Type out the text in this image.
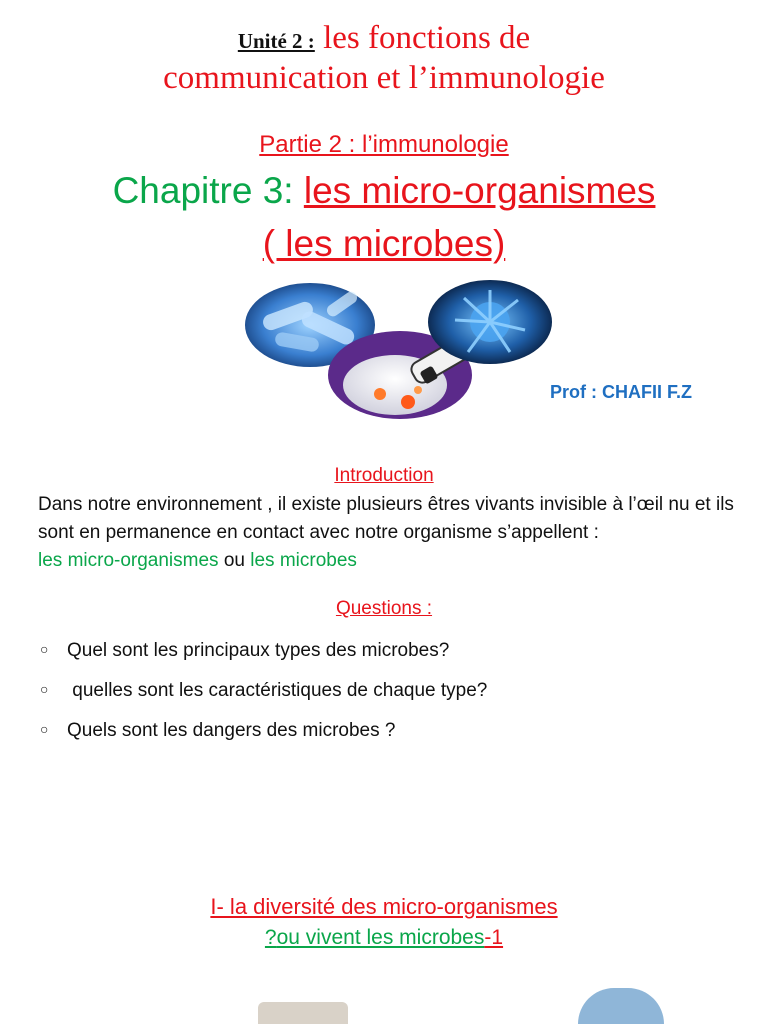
Unité 2 : les fonctions de
communication et l’immunologie
Partie 2 : l’immunologie
Chapitre 3: les micro-organismes
( les microbes)
Prof : CHAFII F.Z
Introduction
Dans notre environnement , il existe plusieurs êtres vivants invisible à l’œil nu et ils sont en permanence en contact avec notre organisme s’appellent :
les micro-organismes ou les microbes
Questions :
○ Quel sont les principaux types des microbes?
○ quelles sont les caractéristiques de chaque type?
○ Quels sont les dangers des microbes ?
I- la diversité des micro-organismes
?ou vivent les microbes-1
